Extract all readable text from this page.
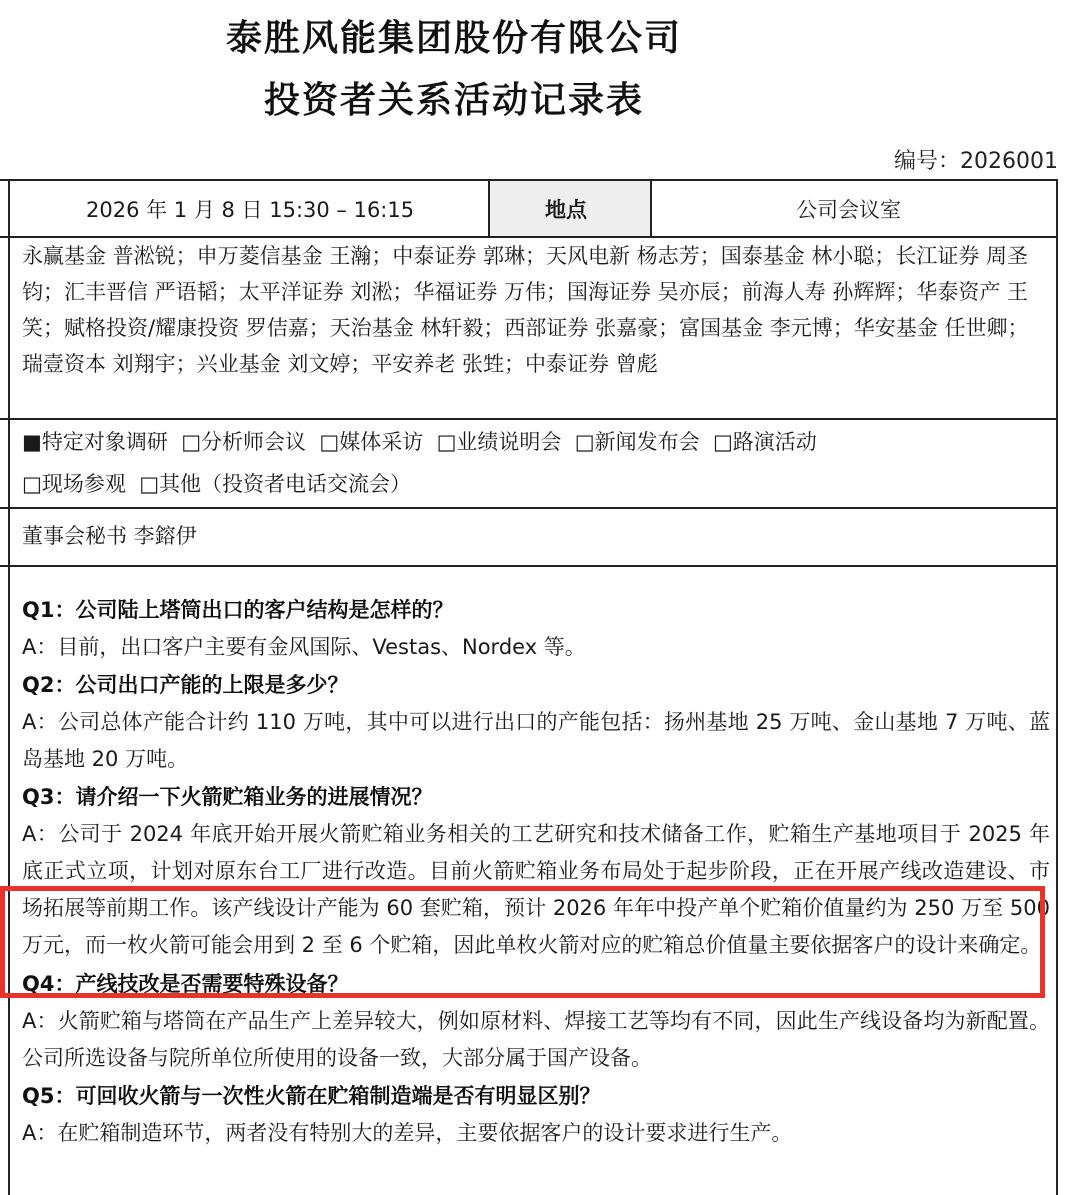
泰胜风能集团股份有限公司
投资者关系活动记录表
编号：2026001
2026 年 1 月 8 日 15:30 – 16:15	地点	公司会议室
永赢基金 普淞锐；申万菱信基金 王瀚；中泰证券 郭琳；天风电新 杨志芳；国泰基金 林小聪；长江证券 周圣钧；汇丰晋信 严语韬；太平洋证券 刘淞；华福证券 万伟；国海证券 吴亦辰；前海人寿 孙辉辉；华泰资产 王笑；赋格投资/耀康投资 罗佶嘉；天治基金 林轩毅；西部证券 张嘉豪；富国基金 李元博；华安基金 任世卿；瑞壹资本 刘翔宇；兴业基金 刘文婷；平安养老 张甡；中泰证券 曾彪
■特定对象调研  □分析师会议  □媒体采访  □业绩说明会  □新闻发布会  □路演活动
□现场参观  □其他（投资者电话交流会）
董事会秘书 李鎔伊
Q1：公司陆上塔筒出口的客户结构是怎样的？
A：目前，出口客户主要有金风国际、Vestas、Nordex 等。
Q2：公司出口产能的上限是多少？
A：公司总体产能合计约 110 万吨，其中可以进行出口的产能包括：扬州基地 25 万吨、金山基地 7 万吨、蓝岛基地 20 万吨。
Q3：请介绍一下火箭贮箱业务的进展情况？
A：公司于 2024 年底开始开展火箭贮箱业务相关的工艺研究和技术储备工作，贮箱生产基地项目于 2025 年底正式立项，计划对原东台工厂进行改造。目前火箭贮箱业务布局处于起步阶段，正在开展产线改造建设、市场拓展等前期工作。该产线设计产能为 60 套贮箱，预计 2026 年年中投产单个贮箱价值量约为 250 万至 500 万元，而一枚火箭可能会用到 2 至 6 个贮箱，因此单枚火箭对应的贮箱总价值量主要依据客户的设计来确定。
Q4：产线技改是否需要特殊设备？
A：火箭贮箱与塔筒在产品生产上差异较大，例如原材料、焊接工艺等均有不同，因此生产线设备均为新配置。公司所选设备与院所单位所使用的设备一致，大部分属于国产设备。
Q5：可回收火箭与一次性火箭在贮箱制造端是否有明显区别？
A：在贮箱制造环节，两者没有特别大的差异，主要依据客户的设计要求进行生产。
